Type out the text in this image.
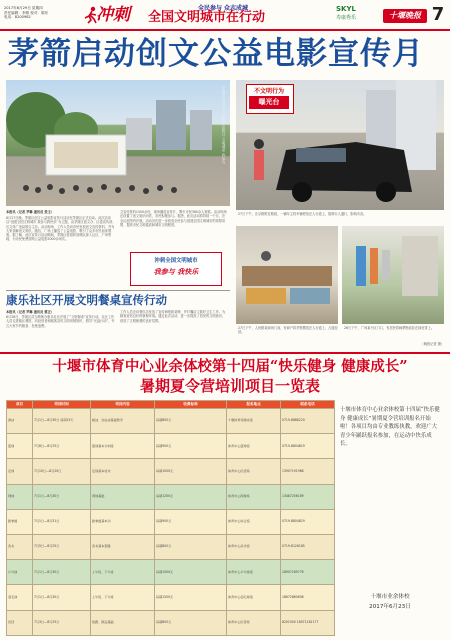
2017年6月29日 星期四
责任编辑：李婧 校对：陈东
电话：8200982	冲刺	全民参与 众志成城
全国文明城市在行动
SKYL
寿康秀乐	十堰晚报 7
茅箭启动创文公益电影宣传月
茅箭区启动创文公益电影宣传月 文明城市 我参与
本报讯（记者 罗琳 通讯员 张主）
6月27日晚，茅箭区创文公益电影宣传月活动在茅箭区正式启动。此次活动以“创建全国文明城市 我参与我快乐”为主题，由茅箭区创文办、区委宣传部、区文体广电局联合主办。活动现场，工作人员向市民发放创文宣传资料，并为大家讲解创文知识。随后，广场上播放了公益电影，吸引了众多市民前来观看。据了解，此次宣传月活动期间，茅箭区将组织放映队深入社区、广场等地，为市民免费放映公益电影2000余场次。
文宣传资料1500余份，现场播放宣传片，吸引市民360余人观看。活动现场还设置了创文知识问答，市民积极参与。据悉，此次活动将持续一个月，在全区范围内开展。活动旨在进一步营造全民参与创建全国文明城市的浓厚氛围，提高市民文明素质和城市文明程度。
沖刺全国文明城市
我参与 我快乐
康乐社区开展文明餐桌宣传行动
本报讯（记者 罗琳 通讯员 蔡正）
6月28日，茅箭区武当路街办康乐社区开展了“文明餐桌”宣传行动。社区工作人员走进辖区餐馆，向经营者和顾客宣传文明用餐知识，倡导“光盘行动”，号召大家节约粮食、杜绝浪费。
工作人员还向餐饮店发放了宣传海报和桌牌，并叮嘱店主做好卫生工作，为顾客营造良好的就餐环境。通过此次活动，进一步提高了居民的文明意识，营造了文明就餐的良好氛围。
不文明行为
曝光台
27日下午，北京路附近路段，一辆车主将车辆停放在人行道上，阻碍行人通行，影响市容。
27日下午，人民路某商场门前，有商户将货物摆放在人行道上，占道经营。
26日下午，广场某小区门口，有居民将晾晒物品挂在绿化带上。
（晚报记者 摄）
十堰市体育中心业余体校第十四届“快乐健身 健康成长”
暑期夏令营培训项目一览表
项目	培训时间	培训内容	收费标准	报名地点	联系电话
游泳	7月1日—8月30日 每期15天	蛙泳、自由泳基础教学	每期800元	十堰体育场游泳馆	0719-8888220
篮球	7月8日—8月25日	篮球基本功训练	每期900元	体育中心篮球馆	0719-8804819
足球	7月10日—8月20日	足球基本技术	每期1000元	体育中心田径场	13907191968
网球	7月1日—8月30日	网球基础	每期1200元	体育中心网球场	13487256189
跆拳道	7月1日—8月31日	跆拳道基本功	每期900元	体育中心综合馆	0719-8804819
武术	7月5日—8月25日	武术基本套路	每期800元	体育中心武术馆	0719-8126185
乒乓球	7月1日—8月30日	上午班、下午班	每期1000元	体育中心乒乓球馆	18907189776
羽毛球	7月1日—8月30日	上午班、下午班	每期1200元	体育中心羽毛球馆	18672860636
田径	7月3日—8月25日	短跑、跳远基础	每期800元	体育中心田径场	8201000 18071181177
十堰市体育中心业余体校第十四届“快乐健身 健康成长”暑期夏令营培训报名开始啦！各项目均由专业教练执教，欢迎广大青少年踊跃报名参加，在运动中快乐成长。
十堰市业余体校
2017年6月23日
